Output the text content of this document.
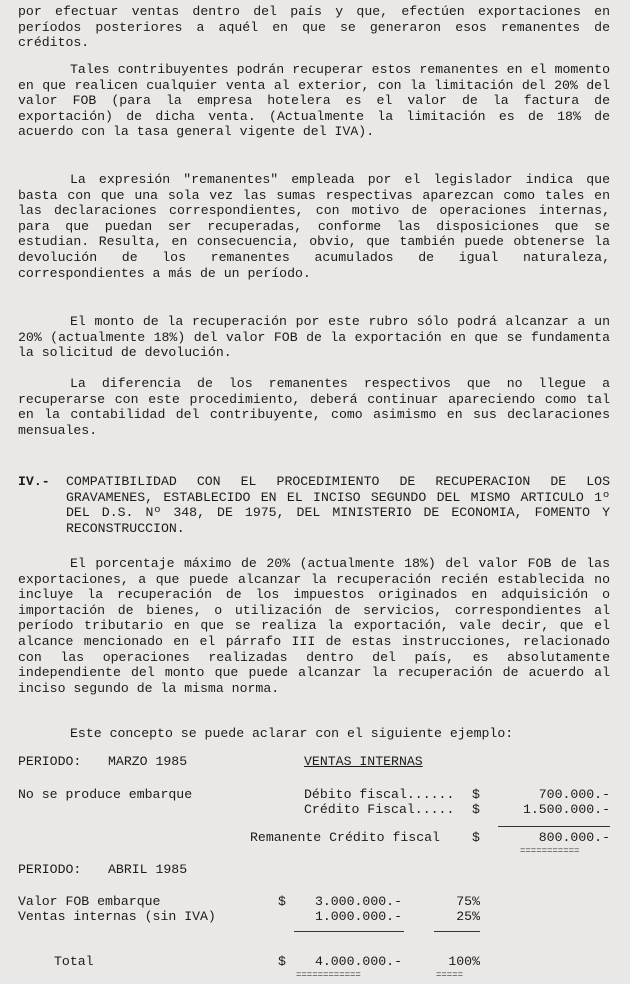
por efectuar ventas dentro del país y que, efectúen exportaciones en períodos posteriores a aquél en que se generaron esos remanentes de créditos.

Tales contribuyentes podrán recuperar estos remanentes en el momento en que realicen cualquier venta al exterior, con la limitación del 20% del valor FOB (para la empresa hotelera es el valor de la factura de exportación) de dicha venta. (Actualmente la limitación es de 18% de acuerdo con la tasa general vigente del IVA).

La expresión "remanentes" empleada por el legislador indica que basta con que una sola vez las sumas respectivas aparezcan como tales en las declaraciones correspondientes, con motivo de operaciones internas, para que puedan ser recuperadas, conforme las disposiciones que se estudian. Resulta, en consecuencia, obvio, que también puede obtenerse la devolución de los remanentes acumulados de igual naturaleza, correspondientes a más de un período.

El monto de la recuperación por este rubro sólo podrá alcanzar a un 20% (actualmente 18%) del valor FOB de la exportación en que se fundamenta la solicitud de devolución.

La diferencia de los remanentes respectivos que no llegue a recuperarse con este procedimiento, deberá continuar apareciendo como tal en la contabilidad del contribuyente, como asimismo en sus declaraciones mensuales.

IV.- COMPATIBILIDAD CON EL PROCEDIMIENTO DE RECUPERACION DE LOS GRAVAMENES, ESTABLECIDO EN EL INCISO SEGUNDO DEL MISMO ARTICULO 1º DEL D.S. Nº 348, DE 1975, DEL MINISTERIO DE ECONOMIA, FOMENTO Y RECONSTRUCCION.

El porcentaje máximo de 20% (actualmente 18%) del valor FOB de las exportaciones, a que puede alcanzar la recuperación recién establecida no incluye la recuperación de los impuestos originados en adquisición o importación de bienes, o utilización de servicios, correspondientes al período tributario en que se realiza la exportación, vale decir, que el alcance mencionado en el párrafo III de estas instrucciones, relacionado con las operaciones realizadas dentro del país, es absolutamente independiente del monto que puede alcanzar la recuperación de acuerdo al inciso segundo de la misma norma.

Este concepto se puede aclarar con el siguiente ejemplo:

PERIODO: MARZO 1985	VENTAS INTERNAS
No se produce embarque	Débito fiscal...... $	700.000.-
Crédito Fiscal..... $	1.500.000.-
Remanente Crédito fiscal $	800.000.-
===========
PERIODO: ABRIL 1985
Valor FOB embarque	$	3.000.000.-	75%
Ventas internas (sin IVA)	1.000.000.-	25%
Total	$	4.000.000.-	100%
============	=====
